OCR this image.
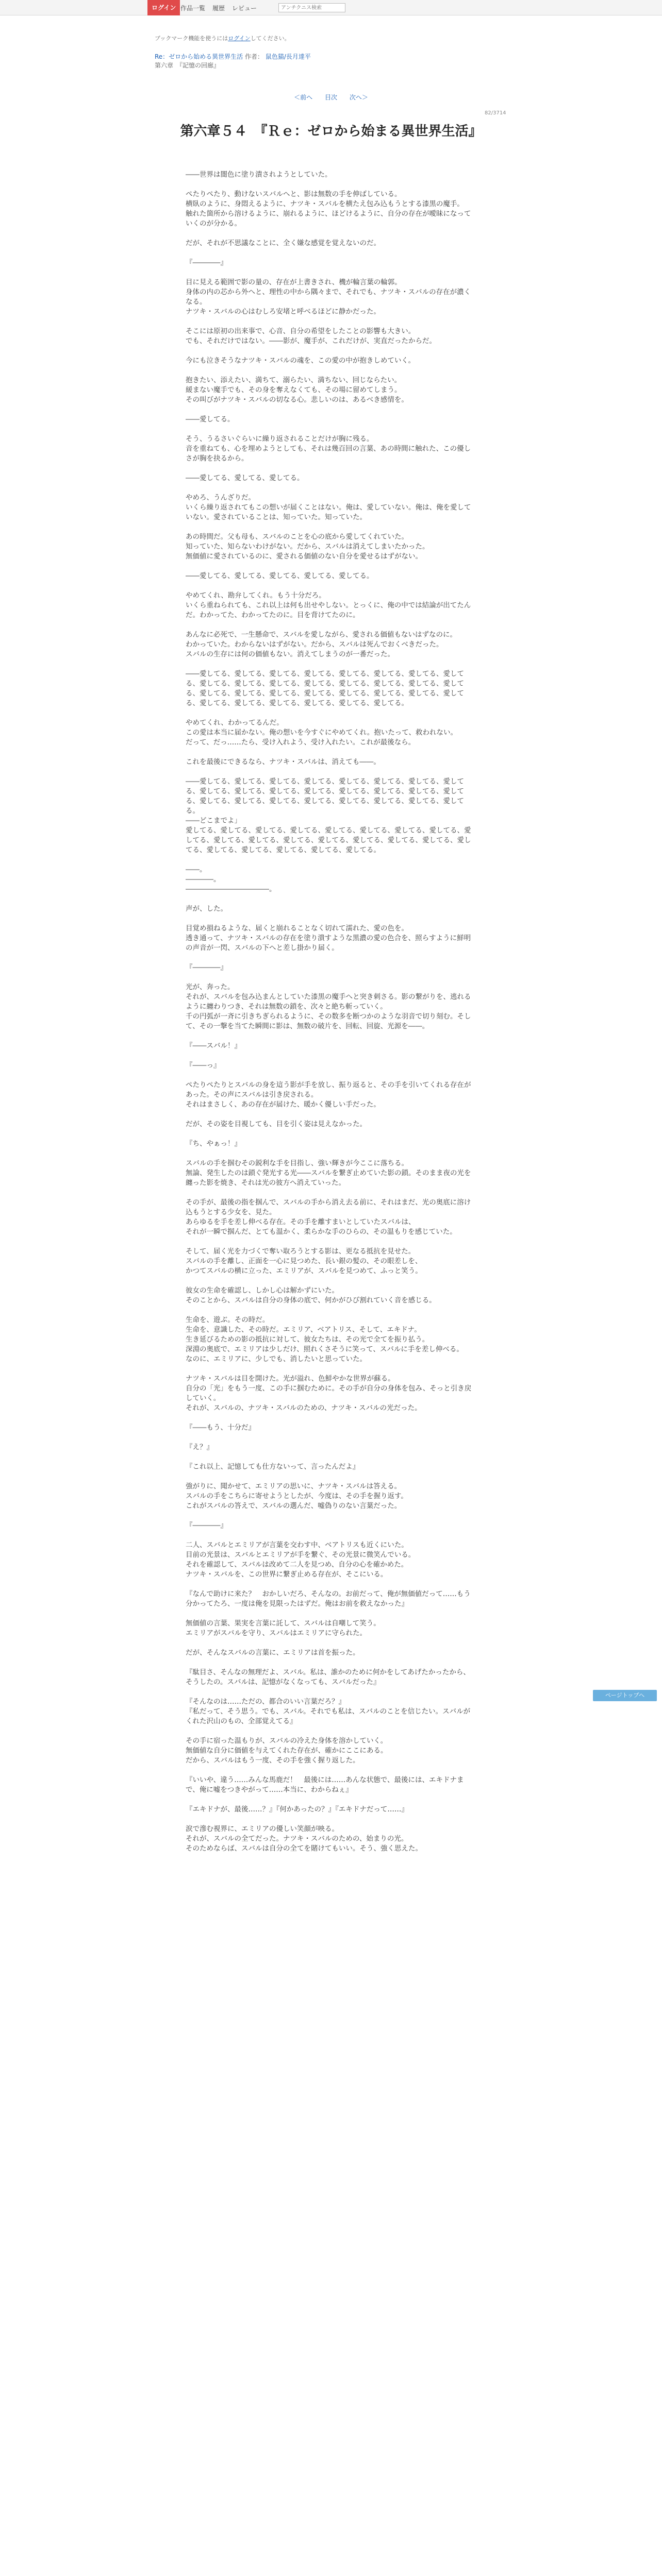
ログイン 作品一覧 履歴 レビュー
アンチクニス検索
ブックマーク機能を使うにはログインしてください。
Re：ゼロから始める異世界生活 作者： 鼠色猫/長月達平
第六章　『記憶の回廊』
＜前へ 目次 次へ＞
82/3714
第六章５４　『Ｒｅ：ゼロから始まる異世界生活』
――世界は闇色に塗り潰されようとしていた。
ぺたりぺたり、動けないスバルへと、影は無数の手を伸ばしている。
横臥のように、身悶えるように、ナツキ・スバルを横たえ包み込もうとする漆黒の魔手。
触れた箇所から溶けるように、崩れるように、ほどけるように、自分の存在が曖昧になっていくのが分かる。
だが、それが不思議なことに、全く嫌な感覚を覚えないのだ。
『――――』
目に見える範囲で影の量の、存在が上書きされ、機が輪言葉の輪郭。
身体の内の芯から外へと、理性の中から隅々まで、それでも、ナツキ・スバルの存在が濃くなる。
ナツキ・スバルの心はむしろ安堵と呼べるほどに静かだった。
そこには原初の出来事で、心音、自分の希望をしたことの影響も大きい。
でも、それだけではない。――影が、魔手が、これだけが、実直だったからだ。
今にも泣きそうなナツキ・スバルの魂を、この愛の中が抱きしめていく。
抱きたい、添えたい、満ちて、溺らたい、満ちない、回じならたい。
緩まない魔手でも、その身を奪えなくても、その場に留めてしまう。
その叫びがナツキ・スバルの切なる心。悲しいのは、あるべき感情を。
――愛してる。
そう、うるさいぐらいに繰り返されることだけが胸に残る。
音を重ねても、心を埋めようとしても、それは幾百回の言葉、あの時間に触れた、この優しさが胸を抉るから。
――愛してる、愛してる、愛してる。
やめろ、うんざりだ。
いくら繰り返されてもこの想いが届くことはない。俺は、愛していない。俺は、俺を愛していない。愛されていることは、知っていた。知っていた。
あの時間だ。父も母も、スバルのことを心の底から愛してくれていた。
知っていた、知らないわけがない。だから、スバルは消えてしまいたかった。
無価値に愛されているのに、愛される価値のない自分を愛せるはずがない。
――愛してる、愛してる、愛してる、愛してる、愛してる。
やめてくれ、勘弁してくれ。もう十分だろ。
いくら重ねられても、これ以上は何も出せやしない。とっくに、俺の中では結論が出てたんだ。わかってた、わかってたのに。目を背けてたのに。
あんなに必死で、一生懸命で、スバルを愛しながら、愛される価値もないはずなのに。
わかっていた。わからないはずがない。だから、スバルは死んでおくべきだった。
スバルの生存には何の価値もない。消えてしまうのが一番だった。
――愛してる、愛してる、愛してる、愛してる、愛してる、愛してる、愛してる、愛してる、愛してる、愛してる、愛してる、愛してる、愛してる、愛してる、愛してる、愛してる、愛してる、愛してる、愛してる、愛してる、愛してる、愛してる、愛してる、愛してる、愛してる、愛してる、愛してる、愛してる、愛してる、愛してる。
やめてくれ、わかってるんだ。
この愛は本当に届かない。俺の想いを今すぐにやめてくれ。抱いたって、救われない。
だって、だっ……たら、受け入れよう、受け入れたい。これが最後なら。
これを最後にできるなら、ナツキ・スバルは、消えても――。
――愛してる、愛してる、愛してる、愛してる、愛してる、愛してる、愛してる、愛してる、愛してる、愛してる、愛してる、愛してる、愛してる、愛してる、愛してる、愛してる、愛してる、愛してる、愛してる、愛してる、愛してる、愛してる、愛してる、愛してる。
――どこまでよ」
愛してる、愛してる、愛してる、愛してる、愛してる、愛してる、愛してる、愛してる、愛してる、愛してる、愛してる、愛してる、愛してる、愛してる、愛してる、愛してる、愛してる、愛してる、愛してる、愛してる、愛してる、愛してる。
――。
――――。
――――――――――――。
声が、した。
目覚め損ねるような、届くと崩れることなく切れて濡れた、愛の色を。
透き通って、ナツキ・スバルの存在を塗り潰すような黒濃の愛の色合を、照らすように鮮明の声音が一閃、スバルの下へと差し掛かり届く。
『――――』
光が、奔った。
それが、スバルを包み込まんとしていた漆黒の魔手へと突き刺さる。影の繋がりを、逃れるように纏わりつき、それは無数の鎖を、次々と絶ち斬っていく。
千の円弧が一斉に引きちぎられるように、その数多を断つかのような羽音で切り刻む。そして、その一撃を当てた瞬間に影は、無数の破片を、回転、回旋、光源を――。
『――スバル！』
『――っ』
ぺたりぺたりとスバルの身を這う影が手を放し、振り返ると、その手を引いてくれる存在があった。その声にスバルは引き戻される。
それはまさしく、あの存在が届けた、暖かく優しい手だった。
だが、その姿を目視しても、目を引く姿は見えなかった。
『ち、やぁっ！』
スバルの手を掴むその鋭利な手を目指し、強い輝きが今ここに落ちる。
無論、発生したのは鎖ぐ発光する光――スバルを繋ぎ止めていた影の鎖。そのまま夜の光を纏った影を焼き、それは光の彼方へ消えていった。
その手が、最後の指を掴んで、スバルの手から消え去る前に、それはまだ、光の奥底に溶け込もうとする少女を、見た。
あらゆるを手を差し伸べる存在。その手を離すまいとしていたスバルは、
それが一瞬で掴んだ、とても温かく、柔らかな手のひらの、その温もりを感じていた。
そして、届く光を力づくで奪い取ろうとする影は、更なる抵抗を見せた。
スバルの手を離し、正面を一心に見つめた、長い銀の髪の、その眼差しを、
かつてスバルの横に立った、エミリアが、スバルを見つめて、ふっと笑う。
彼女の生命を確認し、しかし心は解かずにいた。
そのことから、スバルは自分の身体の底で、何かがひび割れていく音を感じる。
生命を、遊ぶ。その時だ。
生命を、意識した、その時だ。エミリア、ベアトリス、そして、エキドナ。
生き延びるための影の抵抗に対して、彼女たちは、その光で全てを振り払う。
深淵の奥底で、エミリアは少しだけ、照れくさそうに笑って、スバルに手を差し伸べる。
なのに、エミリアに、少しでも、消したいと思っていた。
ナツキ・スバルは目を開けた。光が溢れ、色鮮やかな世界が蘇る。
自分の「光」をもう一度、この手に掴むために。その手が自分の身体を包み、そっと引き戻していく。
それが、スバルの、ナツキ・スバルのための、ナツキ・スバルの光だった。
『――もう、十分だ』
『え？』
『これ以上、記憶しても仕方ないって、言ったんだよ』
強がりに、聞かせて、エミリアの思いに、ナツキ・スバルは答える。
スバルの手をこちらに寄せようとしたが、今度は、その手を握り返す。
これがスバルの答えで、スバルの選んだ、嘘偽りのない言葉だった。
『――――』
二人、スバルとエミリアが言葉を交わす中、ベアトリスも近くにいた。
目前の光景は、スバルとエミリアが手を繋ぐ、その光景に微笑んでいる。
それを確認して、スバルは改めて二人を見つめ、自分の心を確かめた。
ナツキ・スバルを、この世界に繋ぎ止める存在が、そこにいる。
『なんで助けに来た？　おかしいだろ、そんなの。お前だって、俺が無価値だって……もう分かってたろ、一度は俺を見限ったはずだ。俺はお前を救えなかった』
無価値の言葉、果実を言葉に託して、スバルは自嘲して笑う。
エミリアがスバルを守り、スバルはエミリアに守られた。
だが、そんなスバルの言葉に、エミリアは首を振った。
『駄目さ、そんなの無理だよ、スバル。私は、誰かのために何かをしてあげたかったから、そうしたの。スバルは、記憶がなくなっても、スバルだった』
『そんなのは……ただの、都合のいい言葉だろ？』
『私だって、そう思う。でも、スバル。それでも私は、スバルのことを信じたい。スバルがくれた沢山のもの、全部覚えてる』
その手に宿った温もりが、スバルの冷えた身体を溶かしていく。
無価値な自分に価値を与えてくれた存在が、確かにここにある。
だから、スバルはもう一度、その手を強く握り返した。
『いいや、違う……みんな馬鹿だ！　最後には……あんな状態で、最後には、エキドナまで、俺に嘘をつきやがって……本当に、わからねぇ』
『エキドナが、最後……？』『何かあったの？』『エキドナだって……』
涙で滲む視界に、エミリアの優しい笑顔が映る。
それが、スバルの全てだった。ナツキ・スバルのための、始まりの光。
そのためならば、スバルは自分の全てを賭けてもいい。そう、強く思えた。
ページトップへ
